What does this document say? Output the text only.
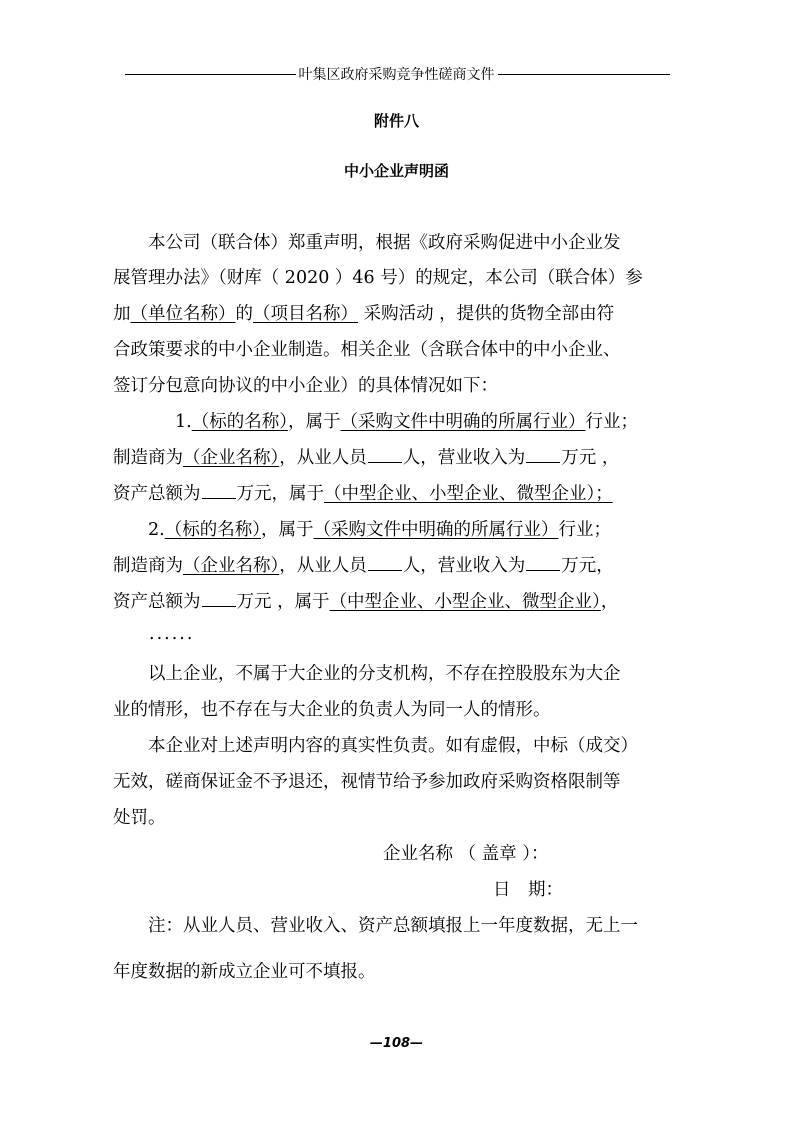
叶集区政府采购竞争性磋商文件
附件八
中小企业声明函
本公司（联合体）郑重声明，根据《政府采购促进中小企业发
展管理办法》（财库（ 2020 ）46 号）的规定，本公司（联合体）参
加（单位名称）的（项目名称） 采购活动 ，提供的货物全部由符
合政策要求的中小企业制造。相关企业（含联合体中的中小企业、
签订分包意向协议的中小企业）的具体情况如下：
1.（标的名称），属于（采购文件中明确的所属行业）行业；
制造商为（企业名称），从业人员 人，营业收入为 万元 ，
资产总额为 万元，属于（中型企业、小型企业、微型企业）；
2.（标的名称），属于（采购文件中明确的所属行业）行业；
制造商为（企业名称），从业人员 人，营业收入为 万元，
资产总额为 万元 ，属于（中型企业、小型企业、微型企业），
......
以上企业，不属于大企业的分支机构，不存在控股股东为大企
业的情形，也不存在与大企业的负责人为同一人的情形。
本企业对上述声明内容的真实性负责。如有虚假，中标（成交）
无效，磋商保证金不予退还，视情节给予参加政府采购资格限制等
处罚。
企业名称 （ 盖章 ）：
日　期：
注：从业人员、营业收入、资产总额填报上一年度数据，无上一
年度数据的新成立企业可不填报。
—108—
